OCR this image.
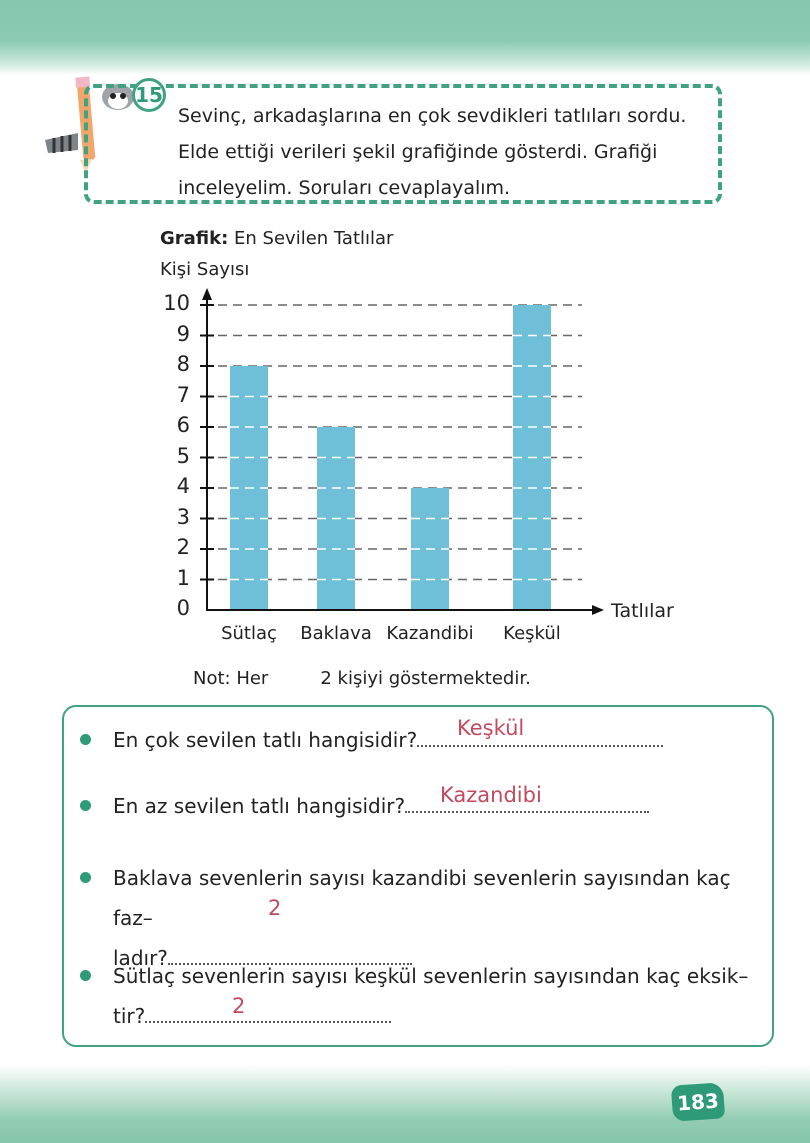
15
Sevinç, arkadaşlarına en çok sevdikleri tatlıları sordu. Elde ettiği verileri şekil grafiğinde gösterdi. Grafiği inceleyelim. Soruları cevaplayalım.
Grafik: En Sevilen Tatlılar
Kişi Sayısı
0
1
2
3
4
5
6
7
8
9
10
Sütlaç	Baklava Kazandibi	Keşkül
Tatlılar
Not: Her	2 kişiyi göstermektedir.
En çok sevilen tatlı hangisidir?	Keşkül
En az sevilen tatlı hangisidir?	Kazandibi
Baklava sevenlerin sayısı kazandibi sevenlerin sayısından kaç faz–
ladır?
2
Sütlaç sevenlerin sayısı keşkül sevenlerin sayısından kaç eksik–
tir?	2
183
